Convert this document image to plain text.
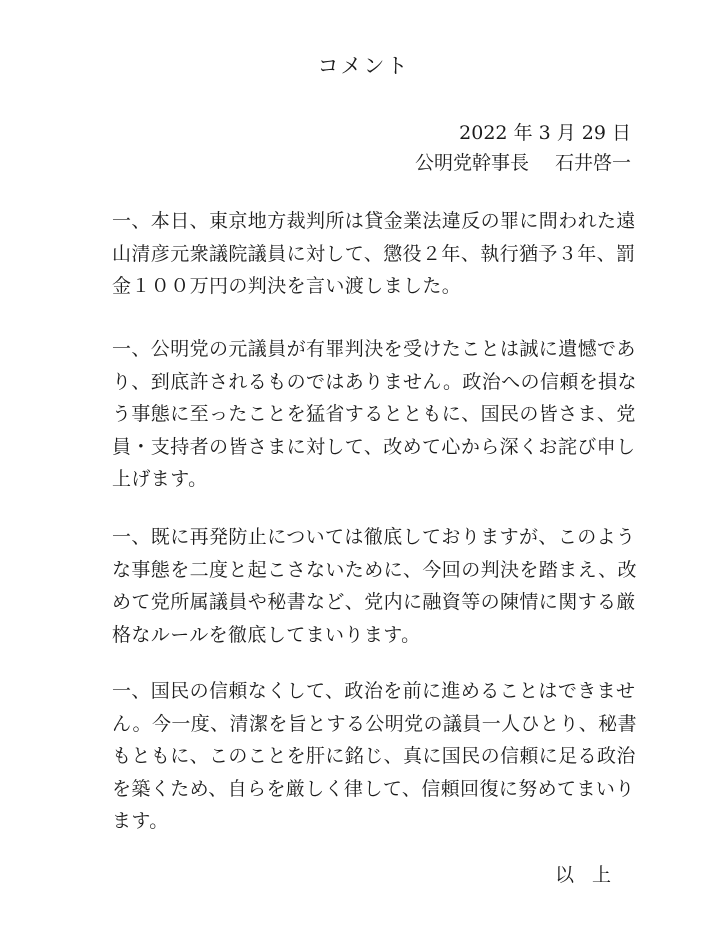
コメント
2022 年 3 月 29 日
公明党幹事長 石井啓一
一、本日、東京地方裁判所は貸金業法違反の罪に問われた遠
山清彦元衆議院議員に対して、懲役２年、執行猶予３年、罰
金１００万円の判決を言い渡しました。
一、公明党の元議員が有罪判決を受けたことは誠に遺憾であ
り、到底許されるものではありません。政治への信頼を損な
う事態に至ったことを猛省するとともに、国民の皆さま、党
員・支持者の皆さまに対して、改めて心から深くお詫び申し
上げます。
一、既に再発防止については徹底しておりますが、このよう
な事態を二度と起こさないために、今回の判決を踏まえ、改
めて党所属議員や秘書など、党内に融資等の陳情に関する厳
格なルールを徹底してまいります。
一、国民の信頼なくして、政治を前に進めることはできませ
ん。今一度、清潔を旨とする公明党の議員一人ひとり、秘書
もともに、このことを肝に銘じ、真に国民の信頼に足る政治
を築くため、自らを厳しく律して、信頼回復に努めてまいり
ます。
以上
